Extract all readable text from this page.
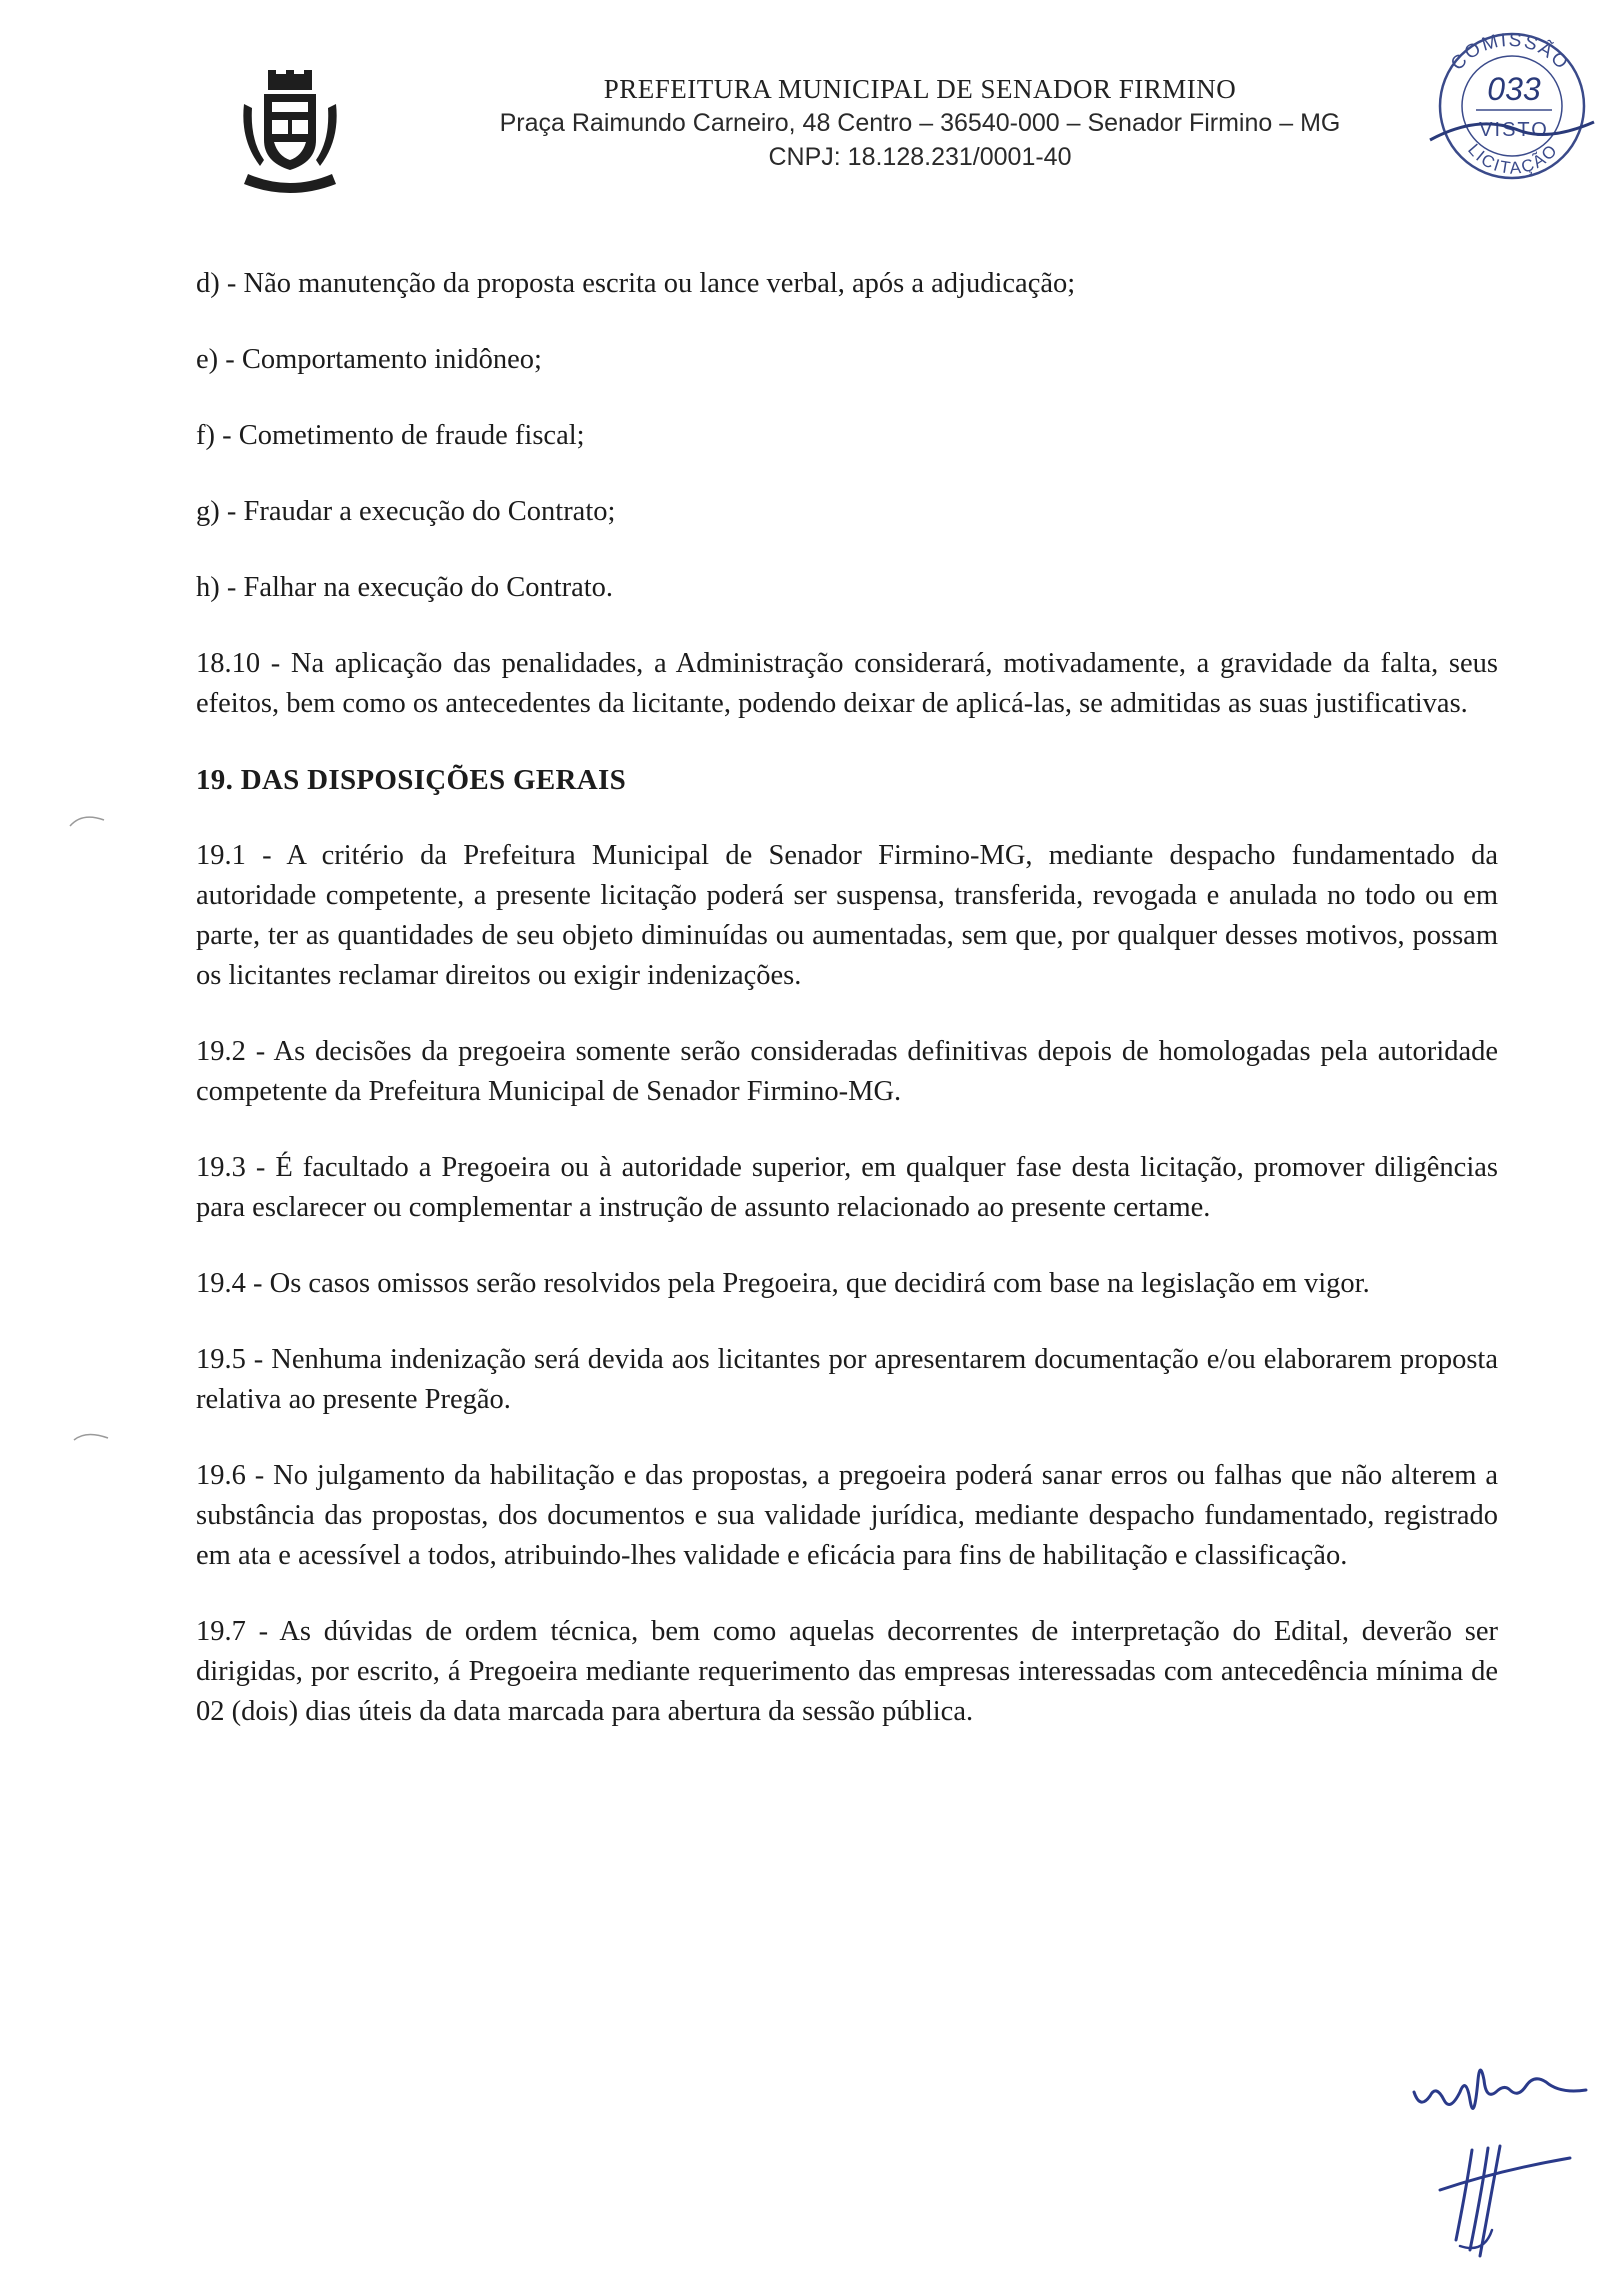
PREFEITURA MUNICIPAL DE SENADOR FIRMINO
Praça Raimundo Carneiro, 48 Centro – 36540-000 – Senador Firmino – MG
CNPJ: 18.128.231/0001-40
COMISSÃO
033
VISTO
LICITAÇÃO

d) - Não manutenção da proposta escrita ou lance verbal, após a adjudicação;

e) - Comportamento inidôneo;

f) - Cometimento de fraude fiscal;

g) - Fraudar a execução do Contrato;

h) - Falhar na execução do Contrato.

18.10 - Na aplicação das penalidades, a Administração considerará, motivadamente, a gravidade da falta, seus efeitos, bem como os antecedentes da licitante, podendo deixar de aplicá-las, se admitidas as suas justificativas.

19. DAS DISPOSIÇÕES GERAIS

19.1 - A critério da Prefeitura Municipal de Senador Firmino-MG, mediante despacho fundamentado da autoridade competente, a presente licitação poderá ser suspensa, transferida, revogada e anulada no todo ou em parte, ter as quantidades de seu objeto diminuídas ou aumentadas, sem que, por qualquer desses motivos, possam os licitantes reclamar direitos ou exigir indenizações.

19.2 - As decisões da pregoeira somente serão consideradas definitivas depois de homologadas pela autoridade competente da Prefeitura Municipal de Senador Firmino-MG.

19.3 - É facultado a Pregoeira ou à autoridade superior, em qualquer fase desta licitação, promover diligências para esclarecer ou complementar a instrução de assunto relacionado ao presente certame.

19.4 - Os casos omissos serão resolvidos pela Pregoeira, que decidirá com base na legislação em vigor.

19.5 - Nenhuma indenização será devida aos licitantes por apresentarem documentação e/ou elaborarem proposta relativa ao presente Pregão.

19.6 - No julgamento da habilitação e das propostas, a pregoeira poderá sanar erros ou falhas que não alterem a substância das propostas, dos documentos e sua validade jurídica, mediante despacho fundamentado, registrado em ata e acessível a todos, atribuindo-lhes validade e eficácia para fins de habilitação e classificação.

19.7 - As dúvidas de ordem técnica, bem como aquelas decorrentes de interpretação do Edital, deverão ser dirigidas, por escrito, á Pregoeira mediante requerimento das empresas interessadas com antecedência mínima de 02 (dois) dias úteis da data marcada para abertura da sessão pública.
